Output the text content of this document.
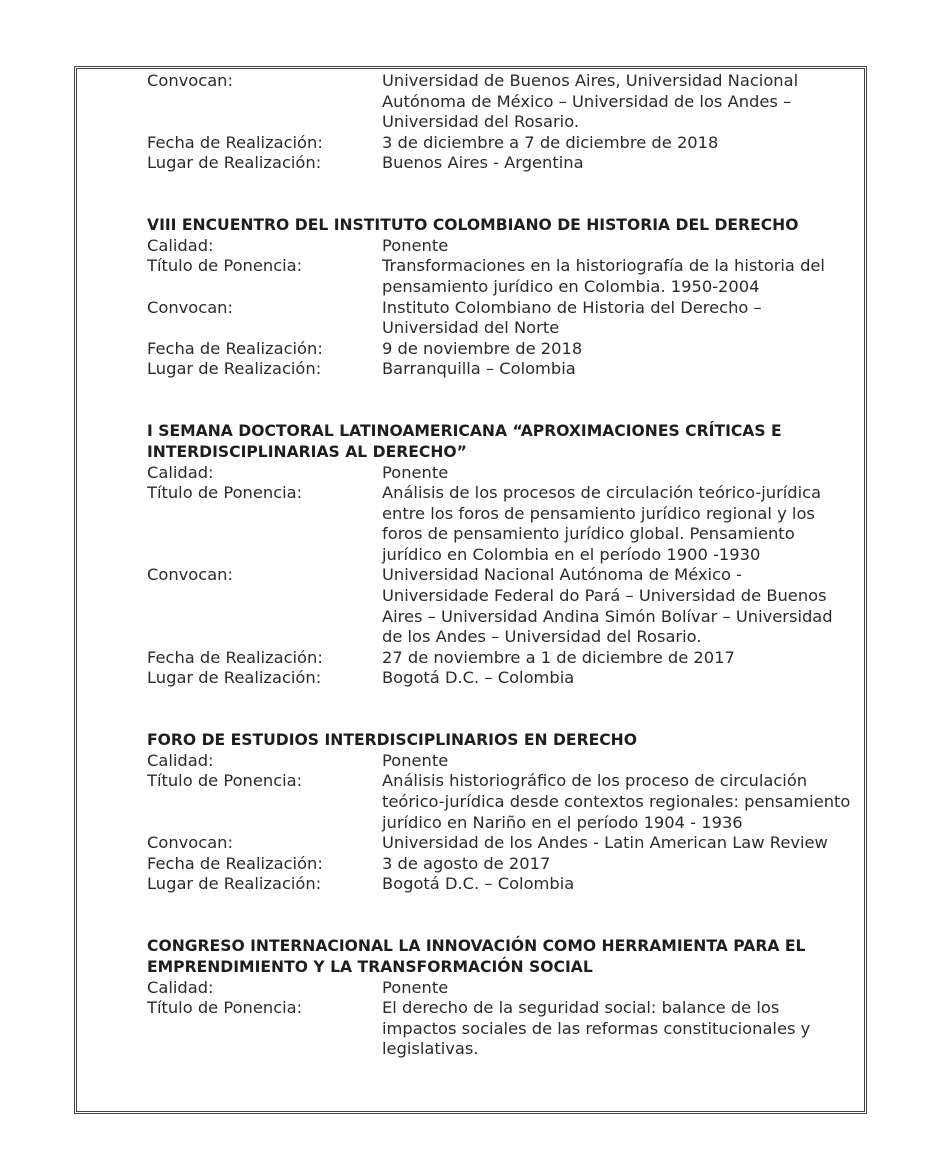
Convocan:	Universidad de Buenos Aires, Universidad Nacional Autónoma de México – Universidad de los Andes – Universidad del Rosario.
Fecha de Realización:	3 de diciembre a 7 de diciembre de 2018
Lugar de Realización:	Buenos Aires - Argentina
VIII ENCUENTRO DEL INSTITUTO COLOMBIANO DE HISTORIA DEL DERECHO
Calidad:	Ponente
Título de Ponencia:	Transformaciones en la historiografía de la historia del pensamiento jurídico en Colombia. 1950-2004
Convocan:	Instituto Colombiano de Historia del Derecho – Universidad del Norte
Fecha de Realización:	9 de noviembre de 2018
Lugar de Realización:	Barranquilla – Colombia
I SEMANA DOCTORAL LATINOAMERICANA “APROXIMACIONES CRÍTICAS E INTERDISCIPLINARIAS AL DERECHO”
Calidad:	Ponente
Título de Ponencia:	Análisis de los procesos de circulación teórico-jurídica entre los foros de pensamiento jurídico regional y los foros de pensamiento jurídico global. Pensamiento jurídico en Colombia en el período 1900 -1930
Convocan:	Universidad Nacional Autónoma de México - Universidade Federal do Pará – Universidad de Buenos Aires – Universidad Andina Simón Bolívar – Universidad de los Andes – Universidad del Rosario.
Fecha de Realización:	27 de noviembre a 1 de diciembre de 2017
Lugar de Realización:	Bogotá D.C. – Colombia
FORO DE ESTUDIOS INTERDISCIPLINARIOS EN DERECHO
Calidad:	Ponente
Título de Ponencia:	Análisis historiográfico de los proceso de circulación teórico-jurídica desde contextos regionales: pensamiento jurídico en Nariño en el período 1904 - 1936
Convocan:	Universidad de los Andes - Latin American Law Review
Fecha de Realización:	3 de agosto de 2017
Lugar de Realización:	Bogotá D.C. – Colombia
CONGRESO INTERNACIONAL LA INNOVACIÓN COMO HERRAMIENTA PARA EL EMPRENDIMIENTO Y LA TRANSFORMACIÓN SOCIAL
Calidad:	Ponente
Título de Ponencia:	El derecho de la seguridad social: balance de los impactos sociales de las reformas constitucionales y legislativas.
